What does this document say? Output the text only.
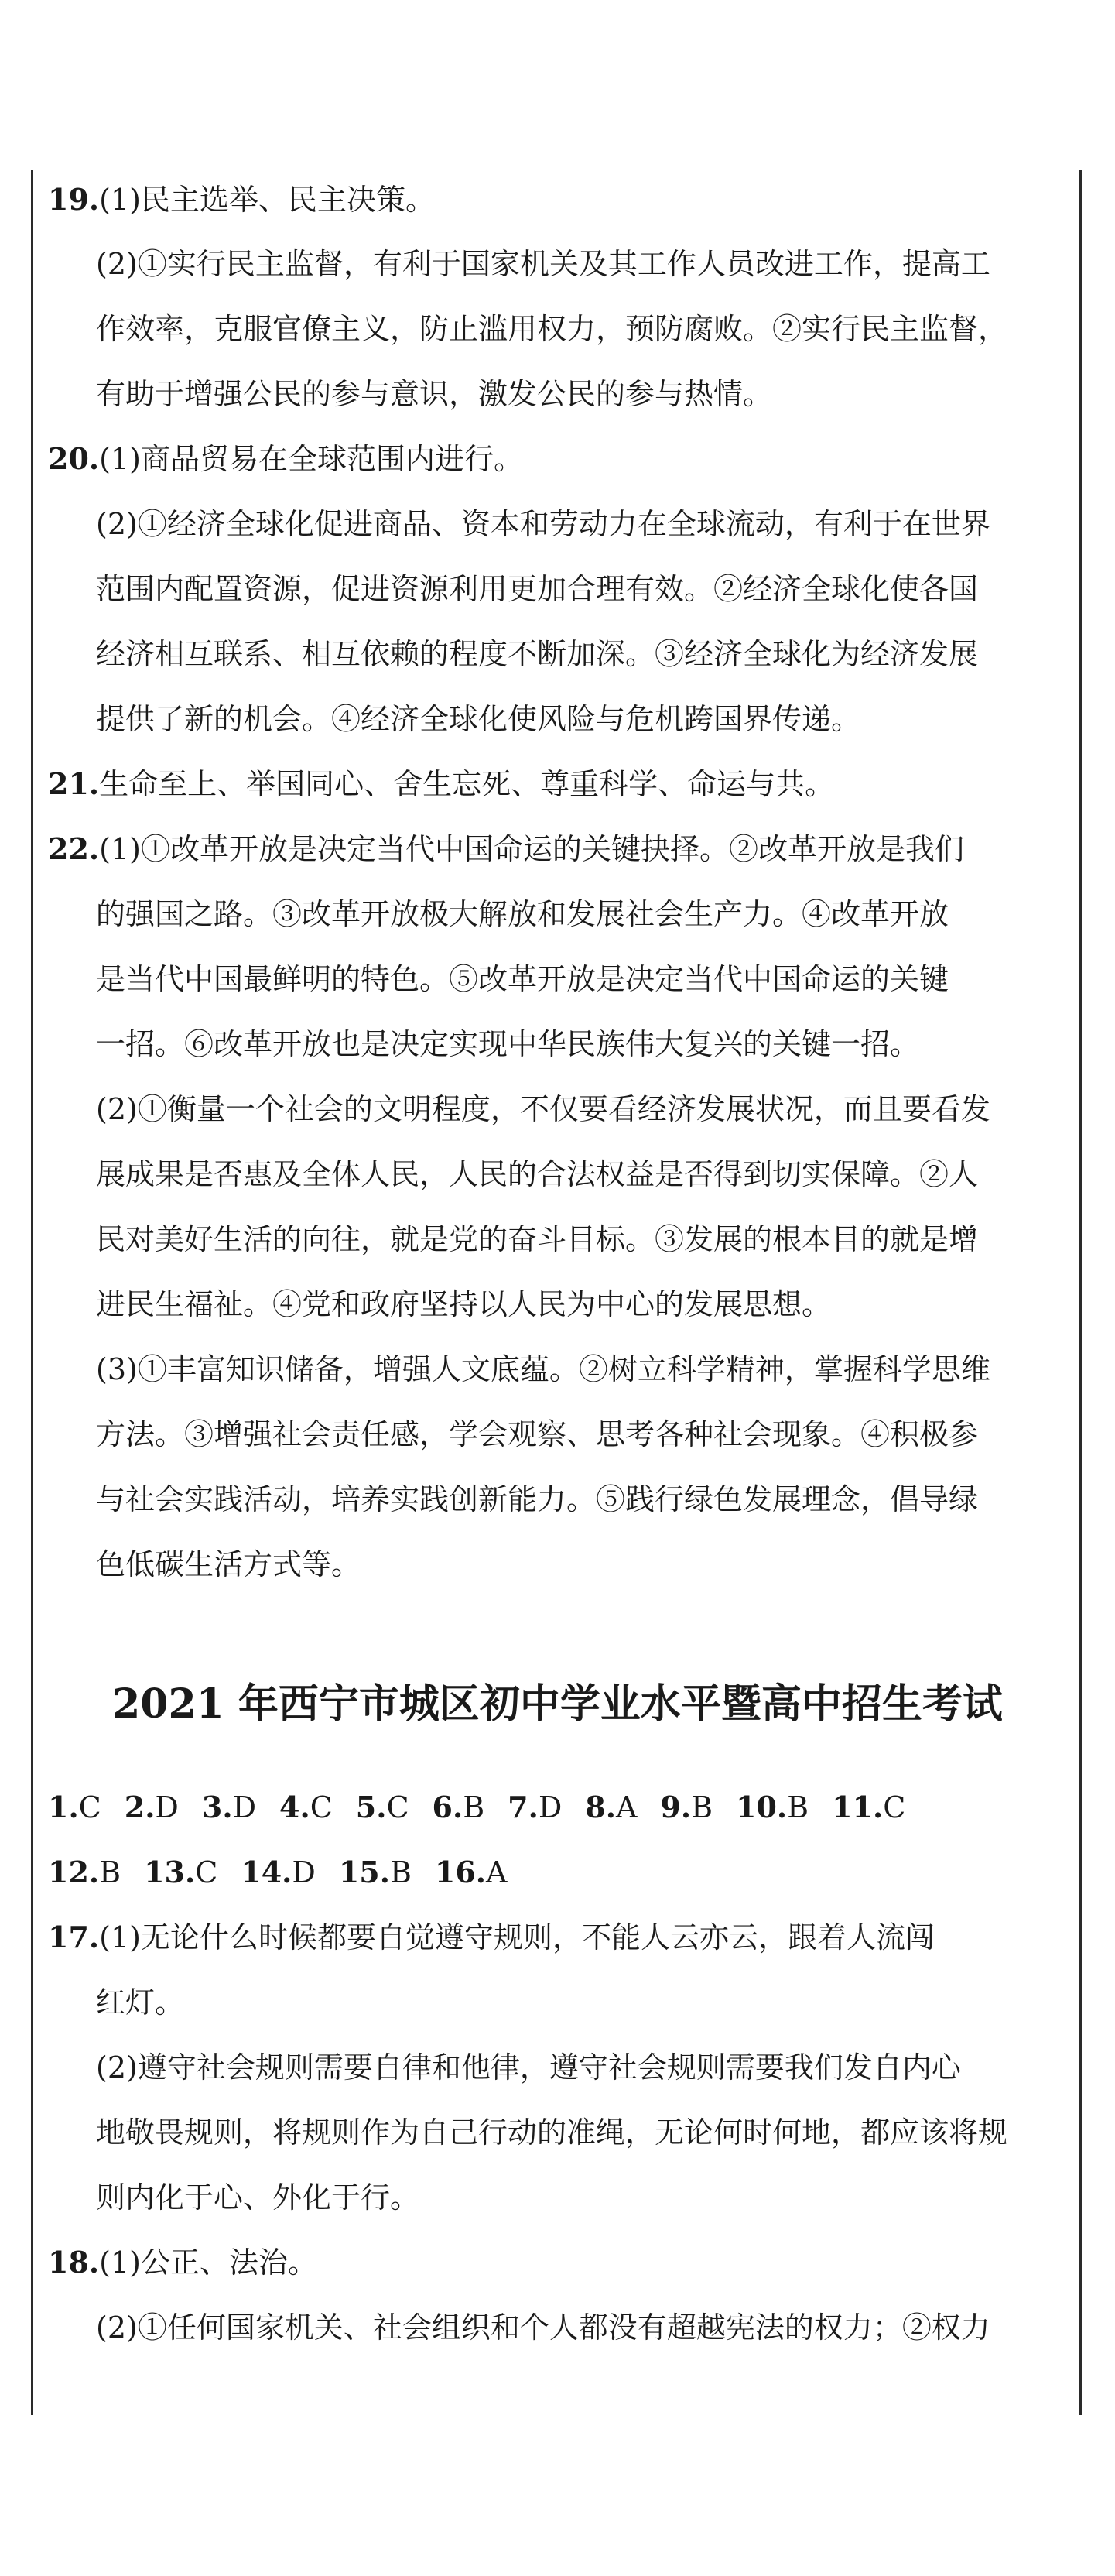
19.(1)民主选举、民主决策。
(2)①实行民主监督，有利于国家机关及其工作人员改进工作，提高工
作效率，克服官僚主义，防止滥用权力，预防腐败。②实行民主监督，
有助于增强公民的参与意识，激发公民的参与热情。
20.(1)商品贸易在全球范围内进行。
(2)①经济全球化促进商品、资本和劳动力在全球流动，有利于在世界
范围内配置资源，促进资源利用更加合理有效。②经济全球化使各国
经济相互联系、相互依赖的程度不断加深。③经济全球化为经济发展
提供了新的机会。④经济全球化使风险与危机跨国界传递。
21.生命至上、举国同心、舍生忘死、尊重科学、命运与共。
22.(1)①改革开放是决定当代中国命运的关键抉择。②改革开放是我们
的强国之路。③改革开放极大解放和发展社会生产力。④改革开放
是当代中国最鲜明的特色。⑤改革开放是决定当代中国命运的关键
一招。⑥改革开放也是决定实现中华民族伟大复兴的关键一招。
(2)①衡量一个社会的文明程度，不仅要看经济发展状况，而且要看发
展成果是否惠及全体人民，人民的合法权益是否得到切实保障。②人
民对美好生活的向往，就是党的奋斗目标。③发展的根本目的就是增
进民生福祉。④党和政府坚持以人民为中心的发展思想。
(3)①丰富知识储备，增强人文底蕴。②树立科学精神，掌握科学思维
方法。③增强社会责任感，学会观察、思考各种社会现象。④积极参
与社会实践活动，培养实践创新能力。⑤践行绿色发展理念，倡导绿
色低碳生活方式等。
2021 年西宁市城区初中学业水平暨高中招生考试
1.C 2.D 3.D 4.C 5.C 6.B 7.D 8.A 9.B 10.B 11.C
12.B 13.C 14.D 15.B 16.A
17.(1)无论什么时候都要自觉遵守规则，不能人云亦云，跟着人流闯
红灯。
(2)遵守社会规则需要自律和他律，遵守社会规则需要我们发自内心
地敬畏规则，将规则作为自己行动的准绳，无论何时何地，都应该将规
则内化于心、外化于行。
18.(1)公正、法治。
(2)①任何国家机关、社会组织和个人都没有超越宪法的权力；②权力
